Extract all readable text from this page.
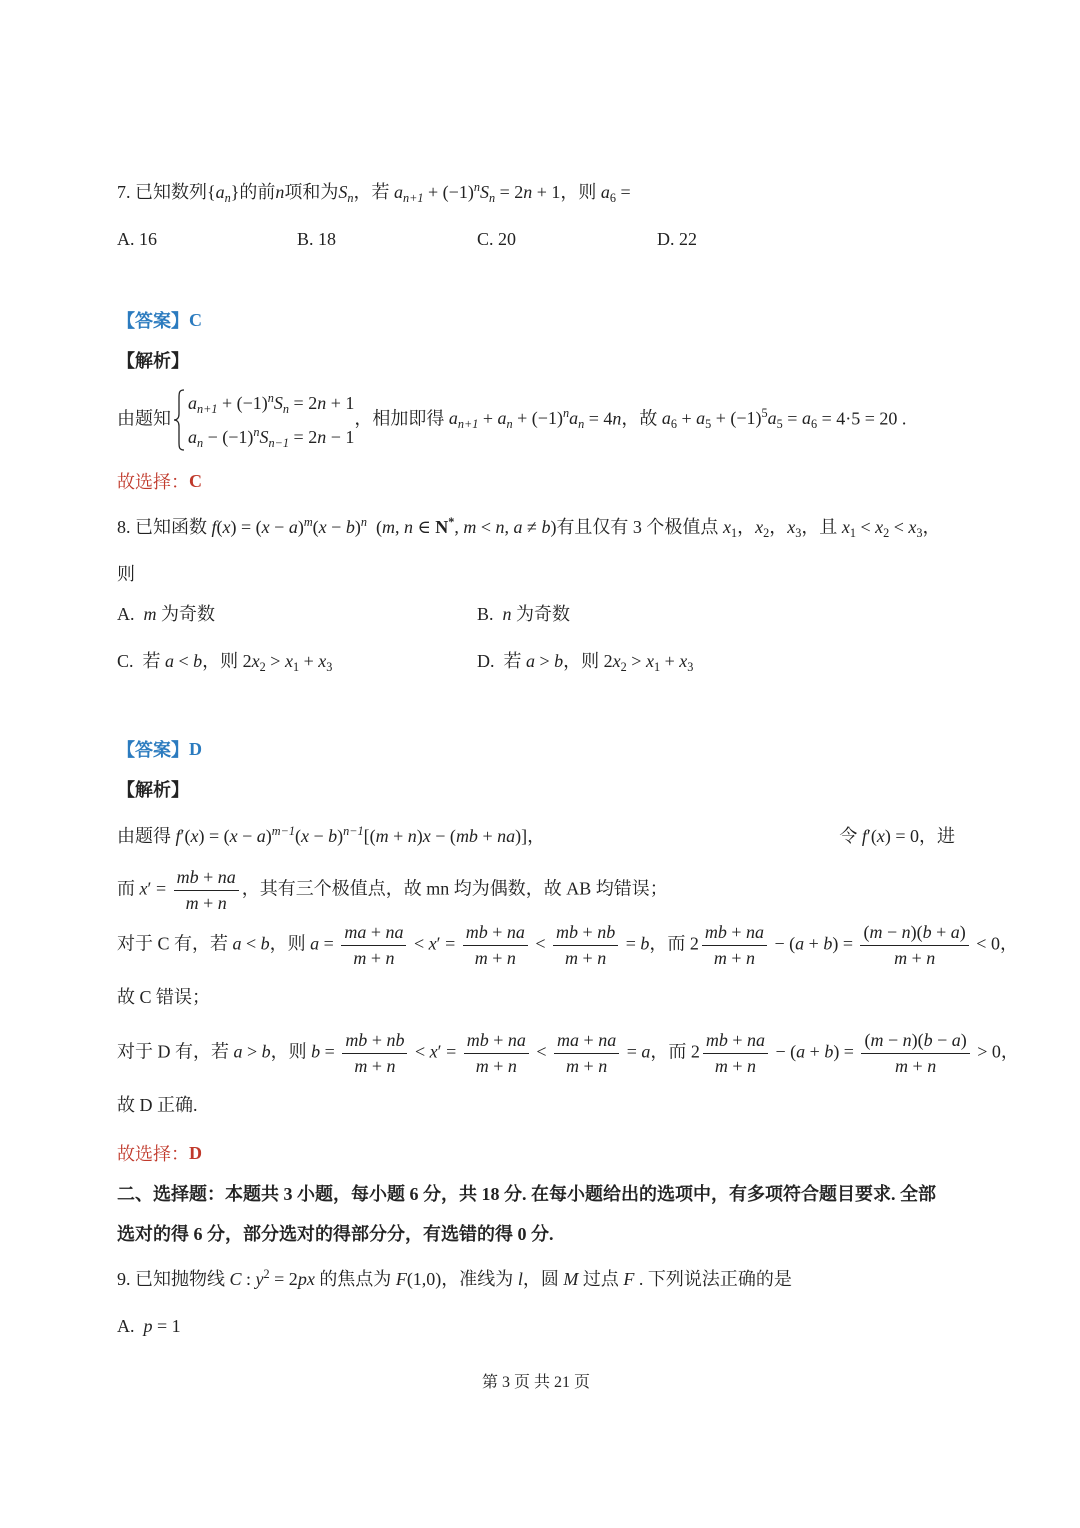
7. 已知数列$\{a_n\}$的前n项和为$S_n$，若 $a_{n+1} + (-1)^nS_n = 2n + 1$，则 $a_6$ =
A. 16	B. 18	C. 20	D. 22
【答案】 C
【解析】
由题知
$a_{n+1} + (-1)^nS_n = 2n + 1$
$a_n - (-1)^nS_{n-1} = 2n - 1$
，相加即得 $a_{n+1} + a_n + (-1)^na_n = 4n$，故 $a_6 + a_5 + (-1)^5a_5 = a_6 = 4\cdot 5 = 20$ .
故选择： C
8. 已知函数 $f(x) = (x - a)^m(x - b)^n$  (m, n ∈ N*, m < n, a ≠ b)有且仅有 3 个极值点 $x_1$，$x_2$，$x_3$，且 $x_1 < x_2 < x_3$，
则
A.  m 为奇数	B.  n 为奇数
C.  若 a < b，则 $2x_2 > x_1 + x_3$	D.  若 a > b，则 $2x_2 > x_1 + x_3$
【答案】 D
【解析】
由题得 $f'(x) = (x - a)^{m-1}(x - b)^{n-1}[(m + n)x - (mb + na)]$，	令 f′(x) = 0，进
而 $x' = \frac{mb + na}{m + n}$ ，其有三个极值点，故 mn 均为偶数，故 AB 均错误；
对于 C 有，若 a < b，则 $a = \frac{ma + na}{m + n} < x' = \frac{mb + na}{m + n} < \frac{mb + nb}{m + n} = b$，而 $2 \frac{mb + na}{m + n} - (a + b) = \frac{(m - n)(b + a)}{m + n} < 0$，
故 C 错误；
对于 D 有，若 a > b，则 $b = \frac{mb + nb}{m + n} < x' = \frac{mb + na}{m + n} < \frac{ma + na}{m + n} = a$，而 $2 \frac{mb + na}{m + n} - (a + b) = \frac{(m - n)(b - a)}{m + n} > 0$，
故 D 正确.
故选择： D
二、选择题：本题共 3 小题，每小题 6 分，共 18 分. 在每小题给出的选项中，有多项符合题目要求. 全部
选对的得 6 分，部分选对的得部分分，有选错的得 0 分.
9. 已知抛物线 C : $y^2 = 2px$ 的焦点为 F(1,0)，准线为 l，圆 M 过点 F . 下列说法正确的是
A.  p = 1
第 3 页 共 21 页
